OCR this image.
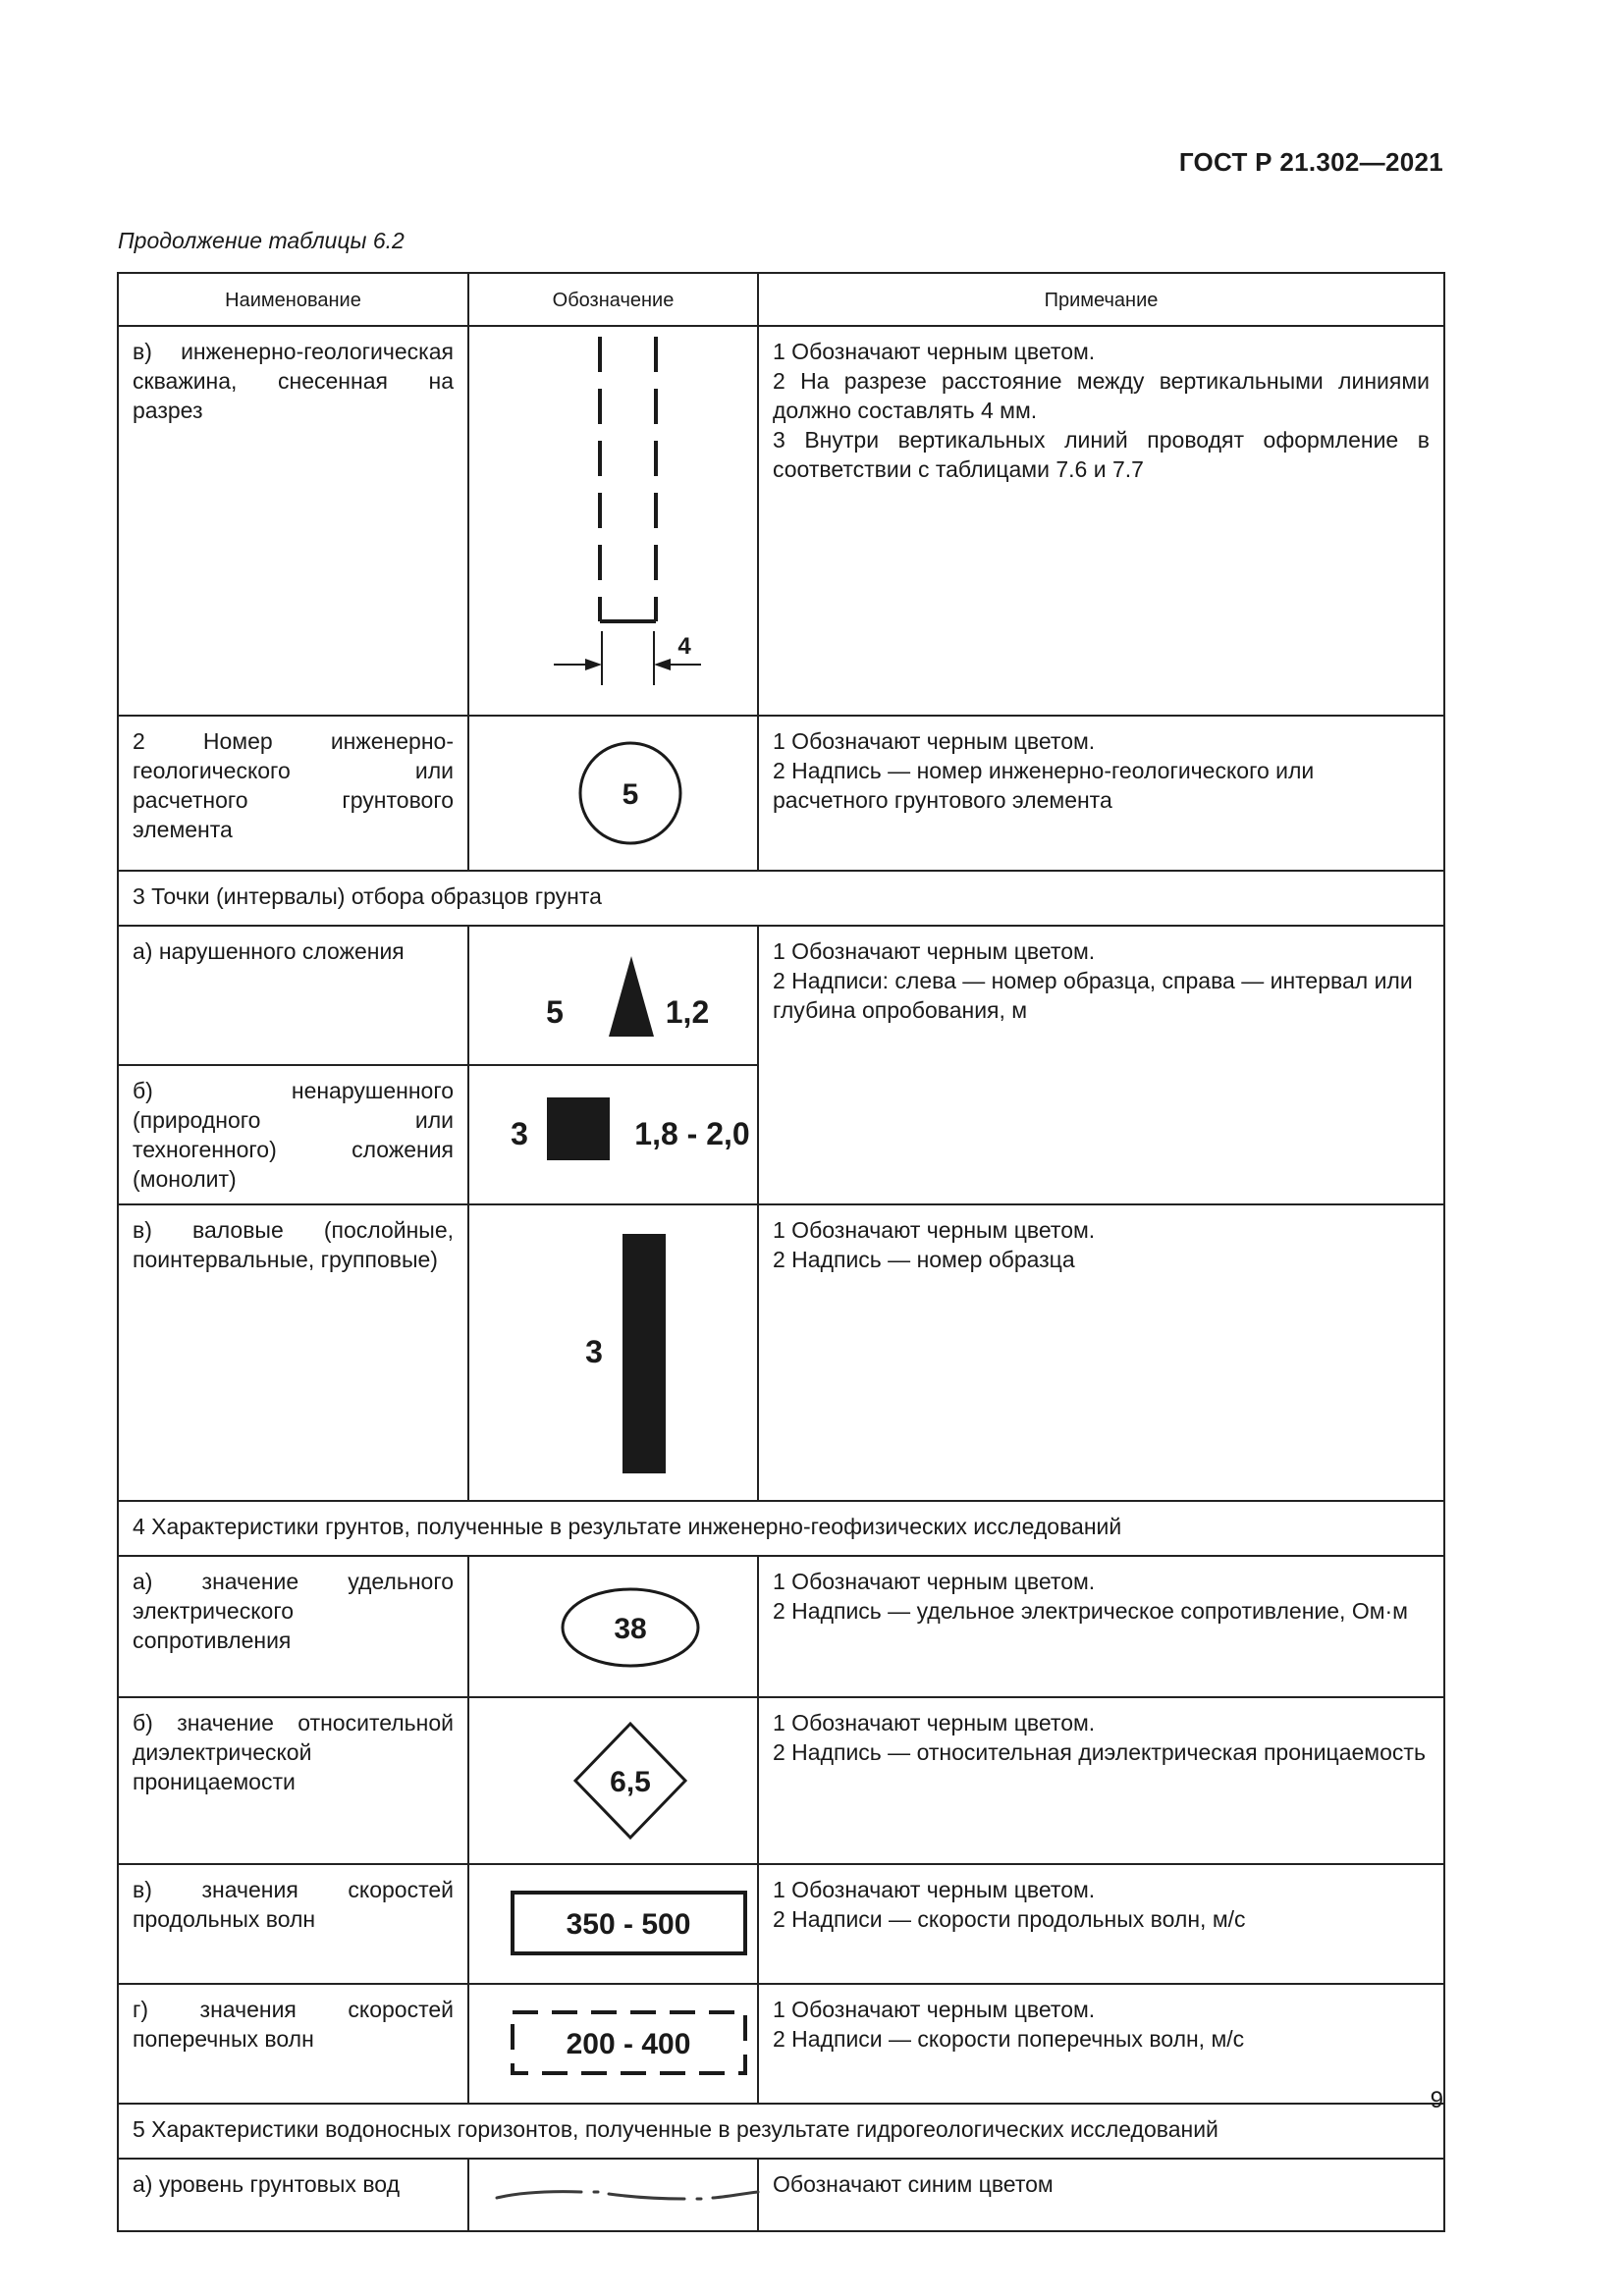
ГОСТ Р 21.302—2021
Продолжение таблицы 6.2
Наименование	Обозначение	Примечание
в) инженерно-геологическая скважина, снесенная на разрез	4	1 Обозначают черным цветом.
2 На разрезе расстояние между вертикальными линиями должно составлять 4 мм.
3 Внутри вертикальных линий проводят оформление в соответствии с таблицами 7.6 и 7.7

2 Номер инженерно-геологического или расчетного грунтового элемента	5	1 Обозначают черным цветом.
2 Надпись — номер инженерно-геологического или расчетного грунтового элемента

3 Точки (интервалы) отбора образцов грунта		
а) нарушенного сложения	5 1,2	1 Обозначают черным цветом.
2 Надписи: слева — номер образца, справа — интервал или глубина опробования, м

б) ненарушенного (природного или техногенного) сложения (монолит)	3 1,8 - 2,0	

в) валовые (послойные, поинтервальные, групповые)	3	1 Обозначают черным цветом.
2 Надпись — номер образца

4 Характеристики грунтов, полученные в результате инженерно-геофизических исследований		
а) значение удельного электрического сопротивления	38	1 Обозначают черным цветом.
2 Надпись — удельное электрическое сопротивление, Ом·м

б) значение относительной диэлектрической проницаемости	6,5	1 Обозначают черным цветом.
2 Надпись — относительная диэлектрическая проницаемость

в) значения скоростей продольных волн	350 - 500	1 Обозначают черным цветом.
2 Надписи — скорости продольных волн, м/с

г) значения скоростей поперечных волн	200 - 400	1 Обозначают черным цветом.
2 Надписи — скорости поперечных волн, м/с

5 Характеристики водоносных горизонтов, полученные в результате гидрогеологических исследований		
а) уровень грунтовых вод		Обозначают синим цветом
9
